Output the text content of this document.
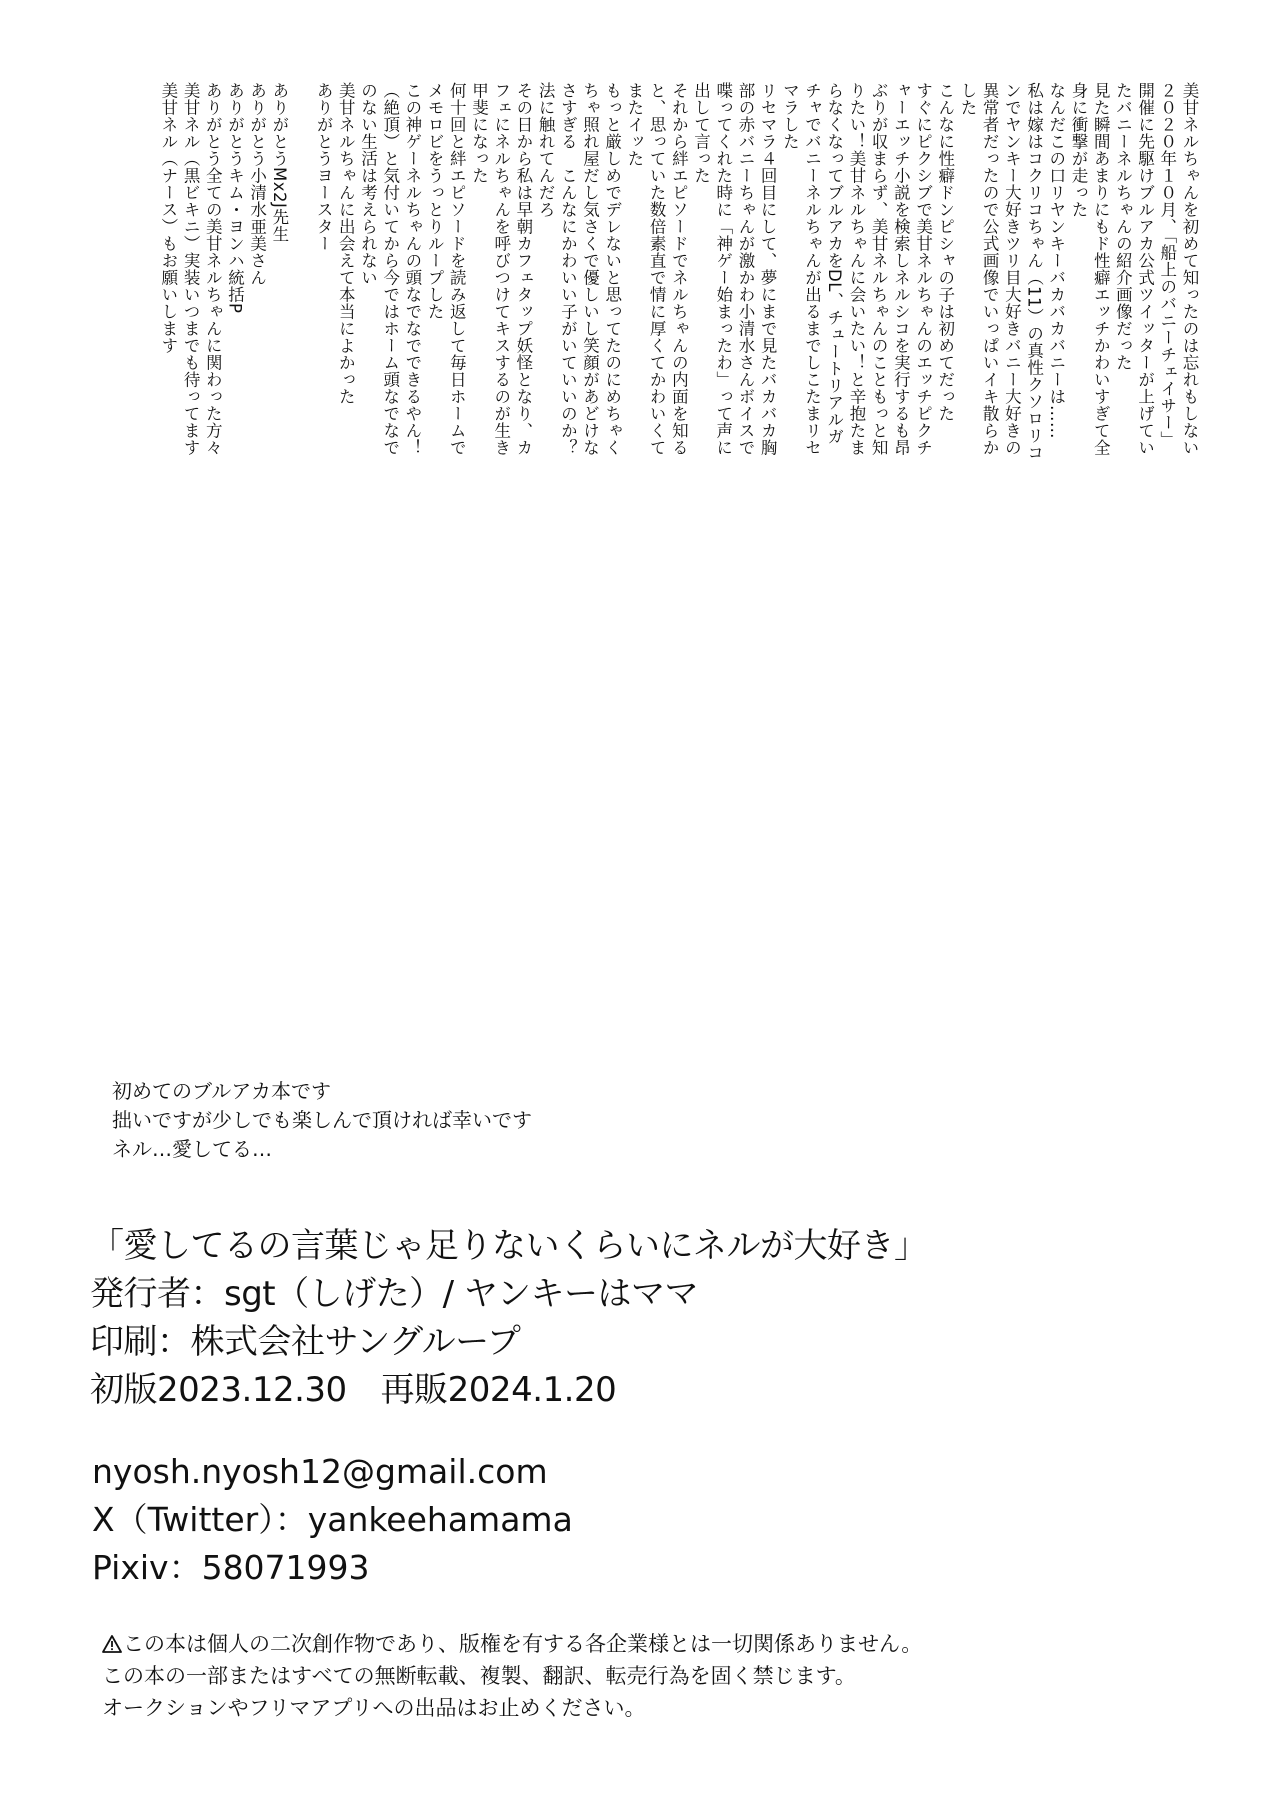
美甘ネルちゃんを初めて知ったのは忘れもしない
２０２０年１０月、「船上のバニーチェイサー」
開催に先駆けブルアカ公式ツイッターが上げてい
たバニーネルちゃんの紹介画像だった
見た瞬間あまりにもド性癖エッチかわいすぎて全
身に衝撃が走った
なんだこの口リヤンキーバカバカバニーは……
私は嫁はコクリコちゃん（11）の真性クソロリコ
ンでヤンキー大好きツリ目大好きバニー大好きの
異常者だったので公式画像でいっぱいイキ散らか
した
こんなに性癖ドンピシャの子は初めてだった
すぐにピクシブで美甘ネルちゃんのエッチピクチ
ャーエッチ小説を検索しネルシコを実行するも昂
ぶりが収まらず、美甘ネルちゃんのこともっと知
りたい！美甘ネルちゃんに会いたい！と辛抱たま
らなくなってブルアカをDL、チュートリアルガ
チャでバニーネルちゃんが出るまでしこたまリセ
マラした
リセマラ４回目にして、夢にまで見たバカバカ胸
部の赤バニーちゃんが激かわ小清水さんボイスで
喋ってくれた時に「神ゲー始まったわ」って声に
出して言った
それから絆エピソードでネルちゃんの内面を知る
と、思っていた数倍素直で情に厚くてかわいくて
またイッた
もっと厳しめでデレないと思ってたのにめちゃく
ちゃ照れ屋だし気さくで優しいし笑顔があどけな
さすぎる　こんなにかわいい子がいていいのか？
法に触れてんだろ
その日から私は早朝カフェタップ妖怪となり、カ
フェにネルちゃんを呼びつけてキスするのが生き
甲斐になった
何十回と絆エピソードを読み返して毎日ホームで
メモロビをうっとりループした
この神ゲーネルちゃんの頭なでなでできるやん！
（絶頂）と気付いてから今ではホーム頭なでなで
のない生活は考えられない
美甘ネルちゃんに出会えて本当によかった
ありがとうヨースター
ありがとうMx2J先生
ありがとう小清水亜美さん
ありがとうキム・ヨンハ統括P
ありがとう全ての美甘ネルちゃんに関わった方々
美甘ネル（黒ビキニ）実装いつまでも待ってます
美甘ネル（ナース）もお願いします
初めてのブルアカ本です
拙いですが少しでも楽しんで頂ければ幸いです
ネル…愛してる…
「愛してるの言葉じゃ足りないくらいにネルが大好き」
発行者：sgt（しげた）/ ヤンキーはママ
印刷：株式会社サングループ
初版2023.12.30 再販2024.1.20
nyosh.nyosh12@gmail.com
X（Twitter）：yankeehamama
Pixiv：58071993
この本は個人の二次創作物であり、版権を有する各企業様とは一切関係ありません。
この本の一部またはすべての無断転載、複製、翻訳、転売行為を固く禁じます。
オークションやフリマアプリへの出品はお止めください。
